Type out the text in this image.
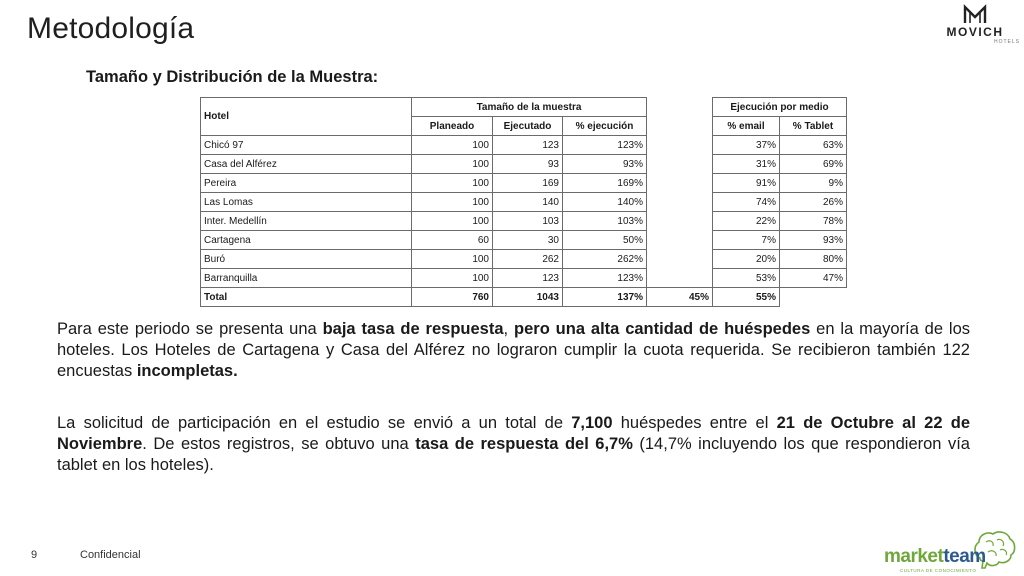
Metodología	MOVICH
HOTELS
Tamaño y Distribución de la Muestra:
Hotel	Tamaño de la muestra				Ejecución por medio	
	Planeado	Ejecutado	% ejecución		% email	% Tablet
Chicó 97	100	123	123%		37%	63%
Casa del Alférez	100	93	93%		31%	69%
Pereira	100	169	169%		91%	9%
Las Lomas	100	140	140%		74%	26%
Inter. Medellín	100	103	103%		22%	78%
Cartagena	60	30	50%		7%	93%
Buró	100	262	262%		20%	80%
Barranquilla	100	123	123%		53%	47%
Total	760	1043	137%	45%	55%	

Para este periodo se presenta una baja tasa de respuesta, pero una alta cantidad de huéspedes en la mayoría de los hoteles. Los Hoteles de Cartagena y Casa del Alférez no lograron cumplir la cuota requerida. Se recibieron también 122 encuestas incompletas.

La solicitud de participación en el estudio se envió a un total de 7,100 huéspedes entre el 21 de Octubre al 22 de Noviembre. De estos registros, se obtuvo una tasa de respuesta del 6,7% (14,7% incluyendo los que respondieron vía tablet en los hoteles).

9	Confidencial	marketteam
CULTURA DE CONOCIMIENTO
